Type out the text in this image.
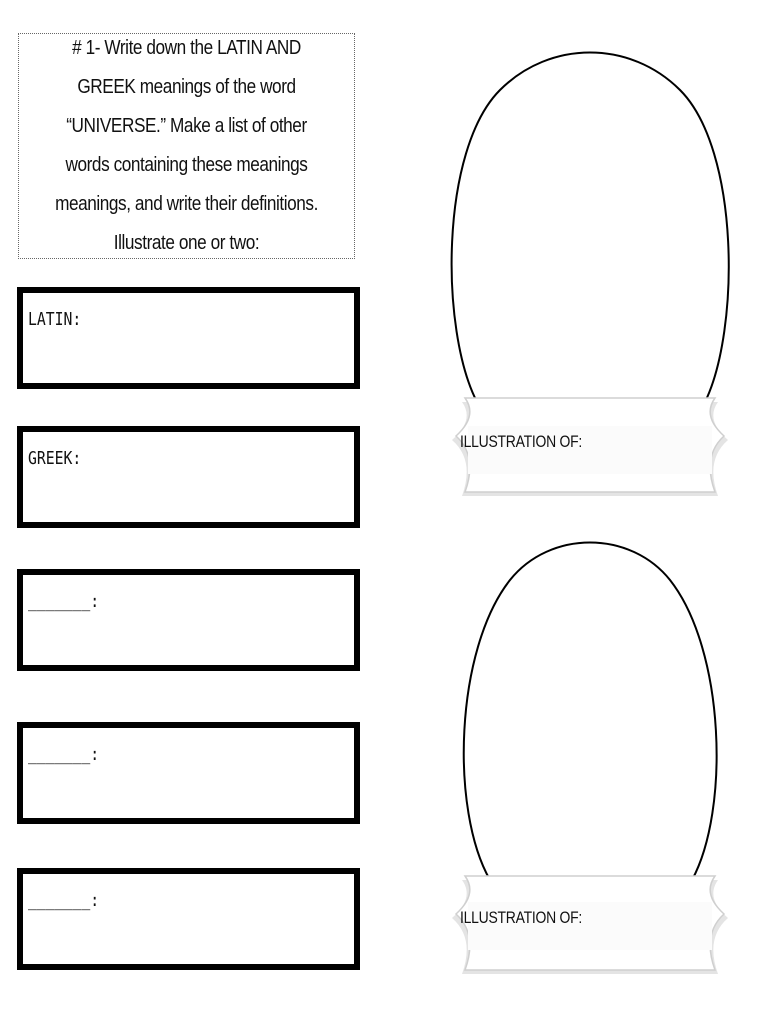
# 1- Write down the LATIN AND GREEK meanings of the word “UNIVERSE.” Make a list of other words containing these meanings meanings, and write their definitions. Illustrate one or two:
LATIN:
GREEK:
_______:
_______:
_______:
ILLUSTRATION OF:
ILLUSTRATION OF:
